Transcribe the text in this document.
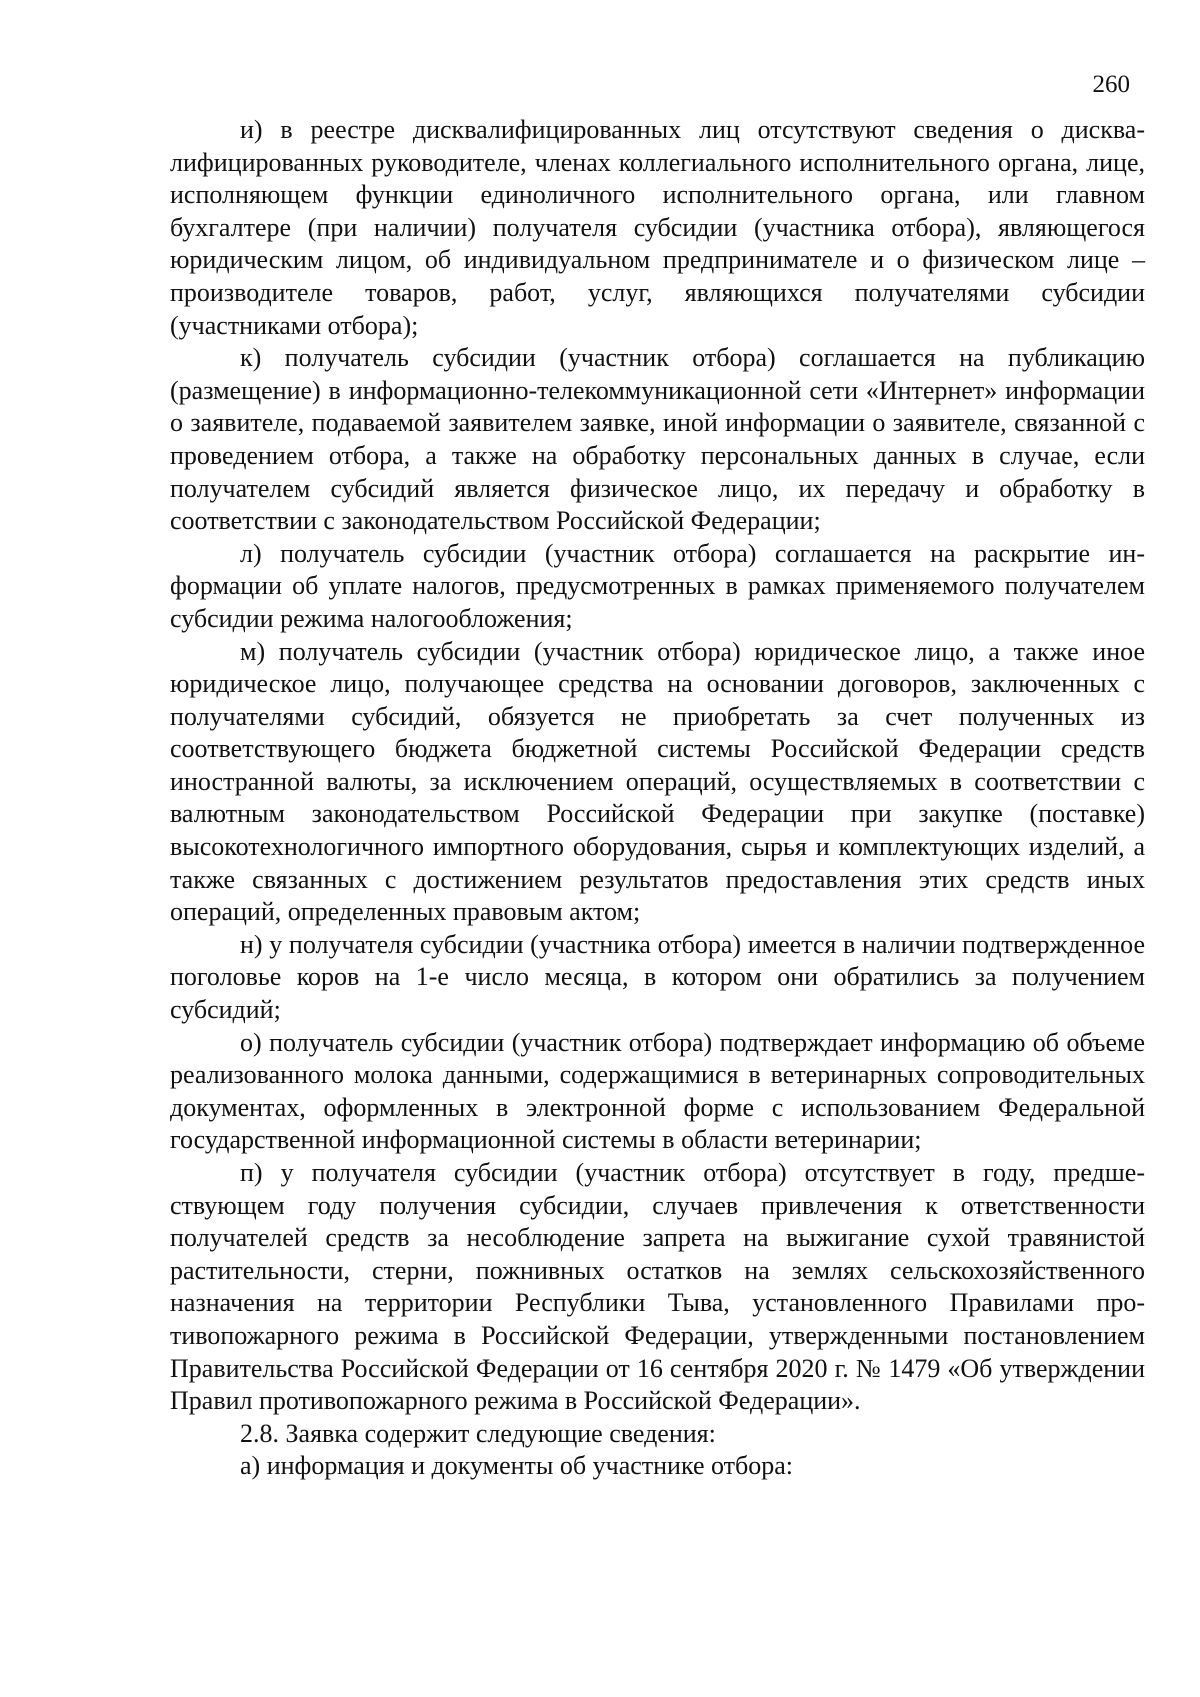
260

и) в реестре дисквалифицированных лиц отсутствуют сведения о дисквалифицированных руководителе, членах коллегиального исполнительного органа, лице, исполняющем функции единоличного исполнительного органа, или главном бухгалтере (при наличии) получателя субсидии (участника отбора), являющегося юридическим лицом, об индивидуальном предпринимателе и о физическом лице – производителе товаров, работ, услуг, являющихся получателями субсидии (участниками отбора);

к) получатель субсидии (участник отбора) соглашается на публикацию (размещение) в информационно-телекоммуникационной сети «Интернет» информации о заявителе, подаваемой заявителем заявке, иной информации о заявителе, связанной с проведением отбора, а также на обработку персональных данных в случае, если получателем субсидий является физическое лицо, их передачу и обработку в соответствии с законодательством Российской Федерации;

л) получатель субсидии (участник отбора) соглашается на раскрытие информации об уплате налогов, предусмотренных в рамках применяемого получателем субсидии режима налогообложения;

м) получатель субсидии (участник отбора) юридическое лицо, а также иное юридическое лицо, получающее средства на основании договоров, заключенных с получателями субсидий, обязуется не приобретать за счет полученных из соответствующего бюджета бюджетной системы Российской Федерации средств иностранной валюты, за исключением операций, осуществляемых в соответствии с валютным законодательством Российской Федерации при закупке (поставке) высокотехнологичного импортного оборудования, сырья и комплектующих изделий, а также связанных с достижением результатов предоставления этих средств иных операций, определенных правовым актом;

н) у получателя субсидии (участника отбора) имеется в наличии подтвержденное поголовье коров на 1-е число месяца, в котором они обратились за получением субсидий;

о) получатель субсидии (участник отбора) подтверждает информацию об объеме реализованного молока данными, содержащимися в ветеринарных сопроводительных документах, оформленных в электронной форме с использованием Федеральной государственной информационной системы в области ветеринарии;

п) у получателя субсидии (участник отбора) отсутствует в году, предшествующем году получения субсидии, случаев привлечения к ответственности получателей средств за несоблюдение запрета на выжигание сухой травянистой растительности, стерни, пожнивных остатков на землях сельскохозяйственного назначения на территории Республики Тыва, установленного Правилами противопожарного режима в Российской Федерации, утвержденными постановлением Правительства Российской Федерации от 16 сентября 2020 г. № 1479 «Об утверждении Правил противопожарного режима в Российской Федерации».

2.8. Заявка содержит следующие сведения:

а) информация и документы об участнике отбора:
